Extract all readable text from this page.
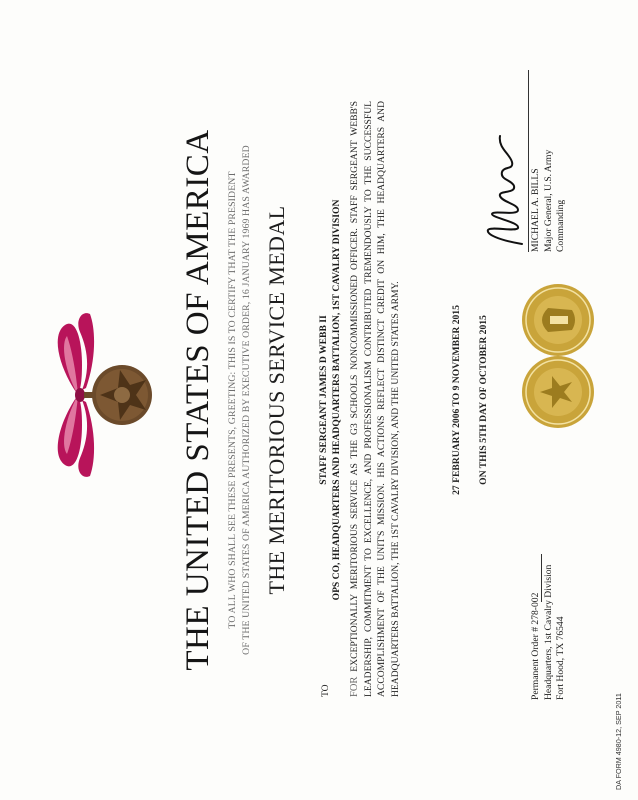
THE UNITED STATES OF AMERICA TO ALL WHO SHALL SEE THESE PRESENTS, GREETING: THIS IS TO CERTIFY THAT THE PRESIDENT OF THE UNITED STATES OF AMERICA AUTHORIZED BY EXECUTIVE ORDER, 16 JANUARY 1969 HAS AWARDED THE MERITORIOUS SERVICE MEDAL
TO
STAFF SERGEANT JAMES D WEBB II OPS CO, HEADQUARTERS AND HEADQUARTERS BATTALION, 1ST CAVALRY DIVISION
FOR EXCEPTIONALLY MERITORIOUS SERVICE AS THE G3 SCHOOLS NONCOMMISSIONED OFFICER. STAFF SERGEANT WEBB'S LEADERSHIP, COMMITMENT TO EXCELLENCE, AND PROFESSIONALISM CONTRIBUTED TREMENDOUSLY TO THE SUCCESSFUL ACCOMPLISHMENT OF THE UNIT'S MISSION. HIS ACTIONS REFLECT DISTINCT CREDIT ON HIM, THE HEADQUARTERS AND HEADQUARTERS BATTALION, THE 1ST CAVALRY DIVISION, AND THE UNITED STATES ARMY.	27 FEBRUARY 2006 TO 9 NOVEMBER 2015 ON THIS 5TH DAY OF OCTOBER 2015
Permanent Order # 278-002 Headquarters, 1st Cavalry Division Fort Hood, TX 76544
MICHAEL A. BILLS Major General, U.S. Army Commanding
DA FORM 4980-12, SEP 2011
